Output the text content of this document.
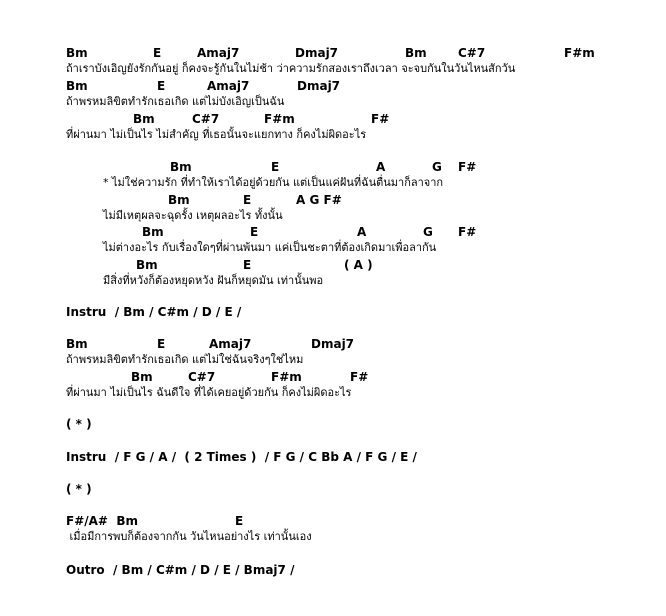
Bm	E	Amaj7	Dmaj7	Bm	C#7	F#m
ถ้าเราบังเอิญยังรักกันอยู่ ก็คงจะรู้กันในไม่ช้า ว่าความรักสองเราถึงเวลา จะจบกันในวันไหนสักวัน
Bm	E	Amaj7	Dmaj7
ถ้าพรหมลิขิตทำรักเธอเกิด แต่ไม่บังเอิญเป็นฉัน
Bm	C#7	F#m	F#
ที่ผ่านมา ไม่เป็นไร ไม่สำคัญ ที่เธอนั้นจะแยกทาง ก็คงไม่ผิดอะไร
Bm	E	A	G F#
* ไม่ใช่ความรัก ที่ทำให้เราได้อยู่ด้วยกัน แต่เป็นแค่ฝันที่ฉันตื่นมาก็ลาจาก
Bm	E	A G F#
ไม่มีเหตุผลจะฉุดรั้ง เหตุผลอะไร ทั้งนั้น
Bm	E	A	G F#
ไม่ต่างอะไร กับเรื่องใดๆที่ผ่านพ้นมา แค่เป็นชะตาที่ต้องเกิดมาเพื่อลากัน
Bm	E	( A )
มีสิ่งที่หวังก็ต้องหยุดหวัง ฝันก็หยุดมัน เท่านั้นพอ
Instru  / Bm / C#m / D / E /
Bm	E	Amaj7	Dmaj7
ถ้าพรหมลิขิตทำรักเธอเกิด แต่ไม่ใช่ฉันจริงๆใช่ไหม
Bm	C#7	F#m	F#
ที่ผ่านมา ไม่เป็นไร ฉันดีใจ ที่ได้เคยอยู่ด้วยกัน ก็คงไม่ผิดอะไร
( * )
Instru  / F G / A /  ( 2 Times )  / F G / C Bb A / F G / E /
( * )
F#/A#  Bm	E
เมื่อมีการพบก็ต้องจากกัน วันไหนอย่างไร เท่านั้นเอง
Outro  / Bm / C#m / D / E / Bmaj7 /
